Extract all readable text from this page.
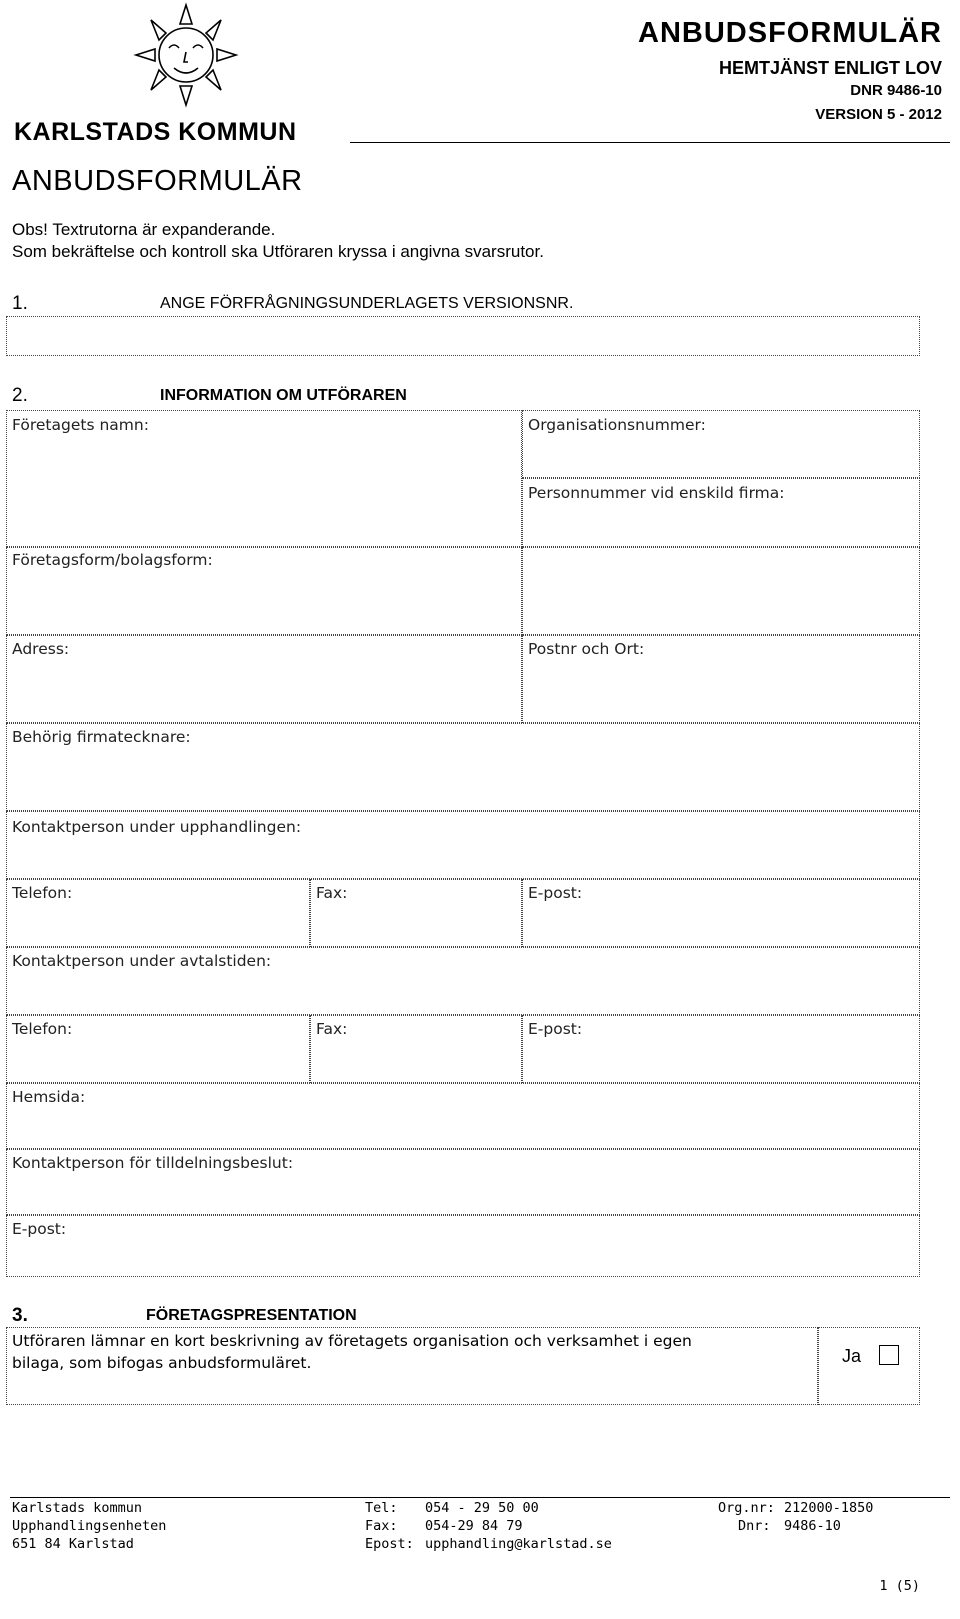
KARLSTADS KOMMUN
ANBUDSFORMULÄR
HEMTJÄNST ENLIGT LOV
DNR 9486-10
VERSION 5 - 2012
ANBUDSFORMULÄR
Obs! Textrutorna är expanderande.
Som bekräftelse och kontroll ska Utföraren kryssa i angivna svarsrutor.
1.	ANGE FÖRFRÅGNINGSUNDERLAGETS VERSIONSNR.
2.	INFORMATION OM UTFÖRAREN
Företagets namn:	Organisationsnummer:
Personnummer vid enskild firma:
Företagsform/bolagsform:
Adress:	Postnr och Ort:
Behörig firmatecknare:
Kontaktperson under upphandlingen:
Telefon:	Fax:	E-post:
Kontaktperson under avtalstiden:
Telefon:	Fax:	E-post:
Hemsida:
Kontaktperson för tilldelningsbeslut:
E-post:
3.	FÖRETAGSPRESENTATION
Utföraren lämnar en kort beskrivning av företagets organisation och verksamhet i egen
bilaga, som bifogas anbudsformuläret.	Ja
Karlstads kommun
Upphandlingsenheten
651 84 Karlstad
Tel: 054 - 29 50 00
Fax: 054-29 84 79
Epost: upphandling@karlstad.se
Org.nr: 212000-1850
Dnr: 9486-10
1 (5)
